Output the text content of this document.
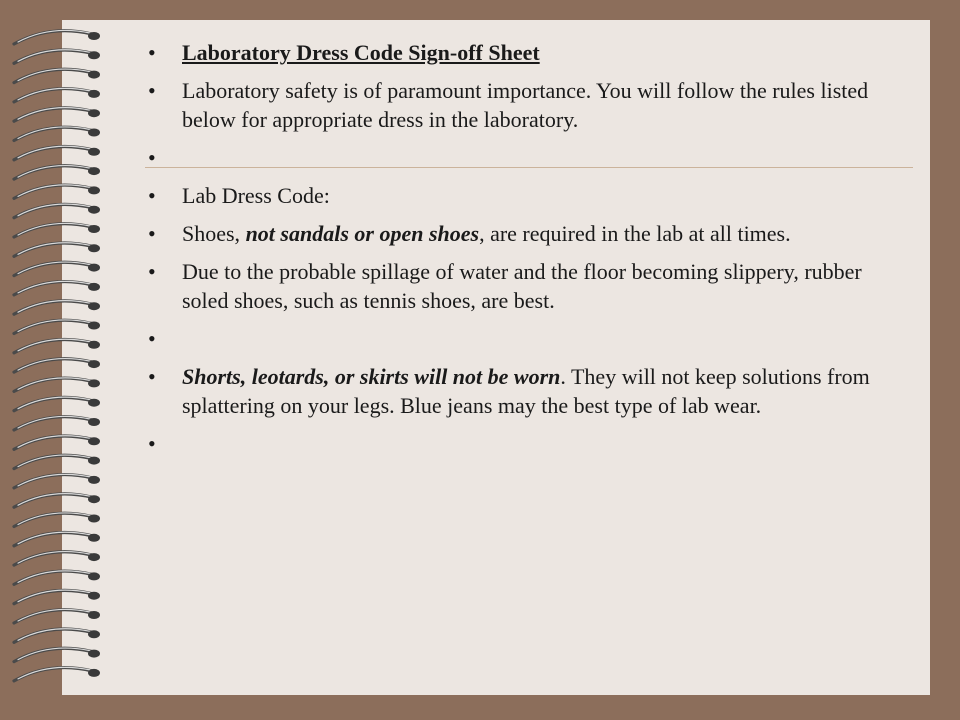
• Laboratory Dress Code Sign-off Sheet
• Laboratory safety is of paramount importance. You will follow the rules listed below for appropriate dress in the laboratory.
•
• Lab Dress Code:
• Shoes, not sandals or open shoes, are required in the lab at all times.
• Due to the probable spillage of water and the floor becoming slippery, rubber soled shoes, such as tennis shoes, are best.
•
• Shorts, leotards, or skirts will not be worn. They will not keep solutions from splattering on your legs. Blue jeans may the best type of lab wear.
•
